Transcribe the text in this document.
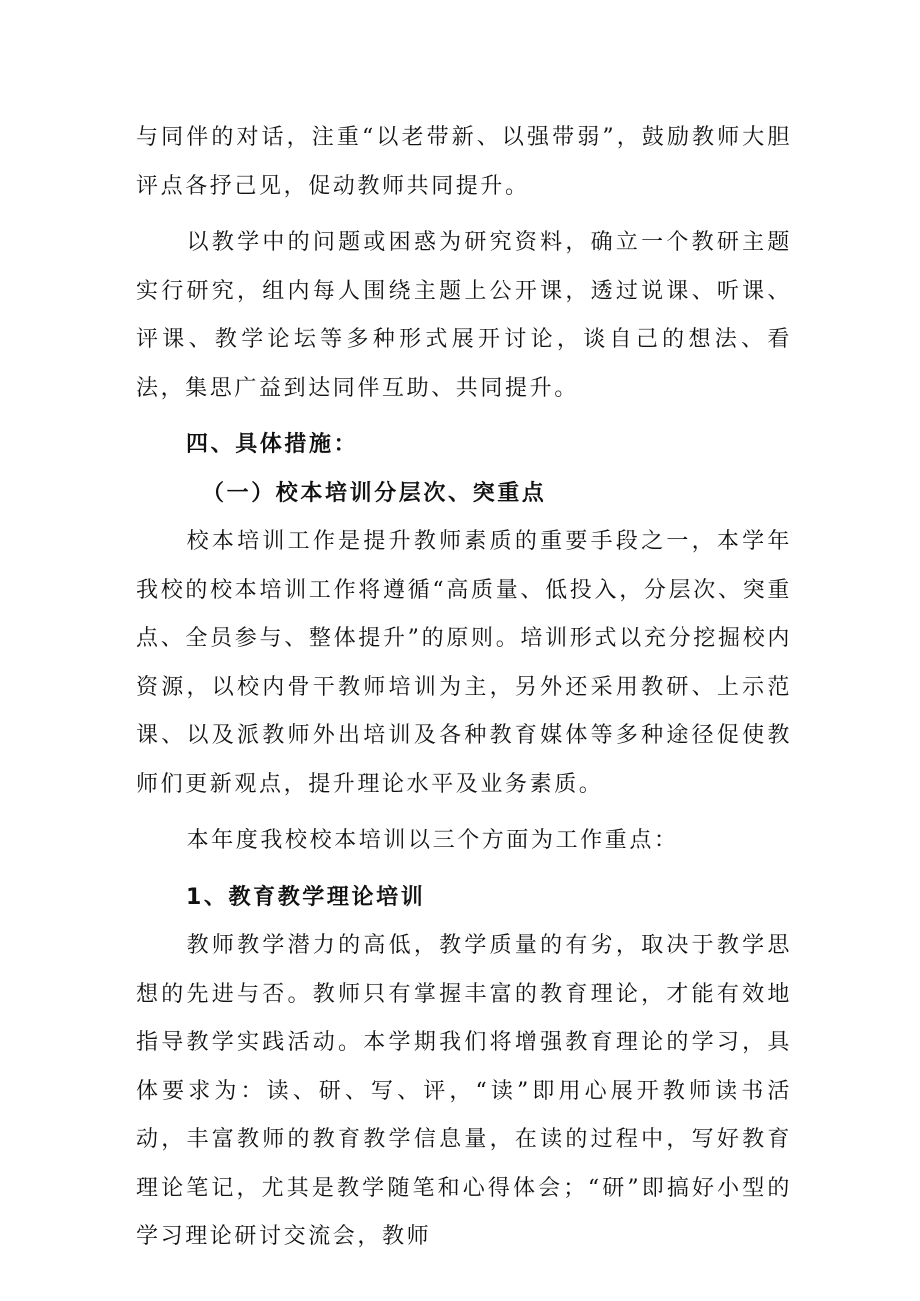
与同伴的对话，注重“以老带新、以强带弱”，鼓励教师大胆评点各抒己见，促动教师共同提升。

以教学中的问题或困惑为研究资料，确立一个教研主题实行研究，组内每人围绕主题上公开课，透过说课、听课、评课、教学论坛等多种形式展开讨论，谈自己的想法、看法，集思广益到达同伴互助、共同提升。

四、具体措施：

（一）校本培训分层次、突重点

校本培训工作是提升教师素质的重要手段之一，本学年我校的校本培训工作将遵循“高质量、低投入，分层次、突重点、全员参与、整体提升”的原则。培训形式以充分挖掘校内资源，以校内骨干教师培训为主，另外还采用教研、上示范课、以及派教师外出培训及各种教育媒体等多种途径促使教师们更新观点，提升理论水平及业务素质。

本年度我校校本培训以三个方面为工作重点：

1、教育教学理论培训

教师教学潜力的高低，教学质量的有劣，取决于教学思想的先进与否。教师只有掌握丰富的教育理论，才能有效地指导教学实践活动。本学期我们将增强教育理论的学习，具体要求为：读、研、写、评，“读”即用心展开教师读书活动，丰富教师的教育教学信息量，在读的过程中，写好教育理论笔记，尤其是教学随笔和心得体会；“研”即搞好小型的学习理论研讨交流会，教师
